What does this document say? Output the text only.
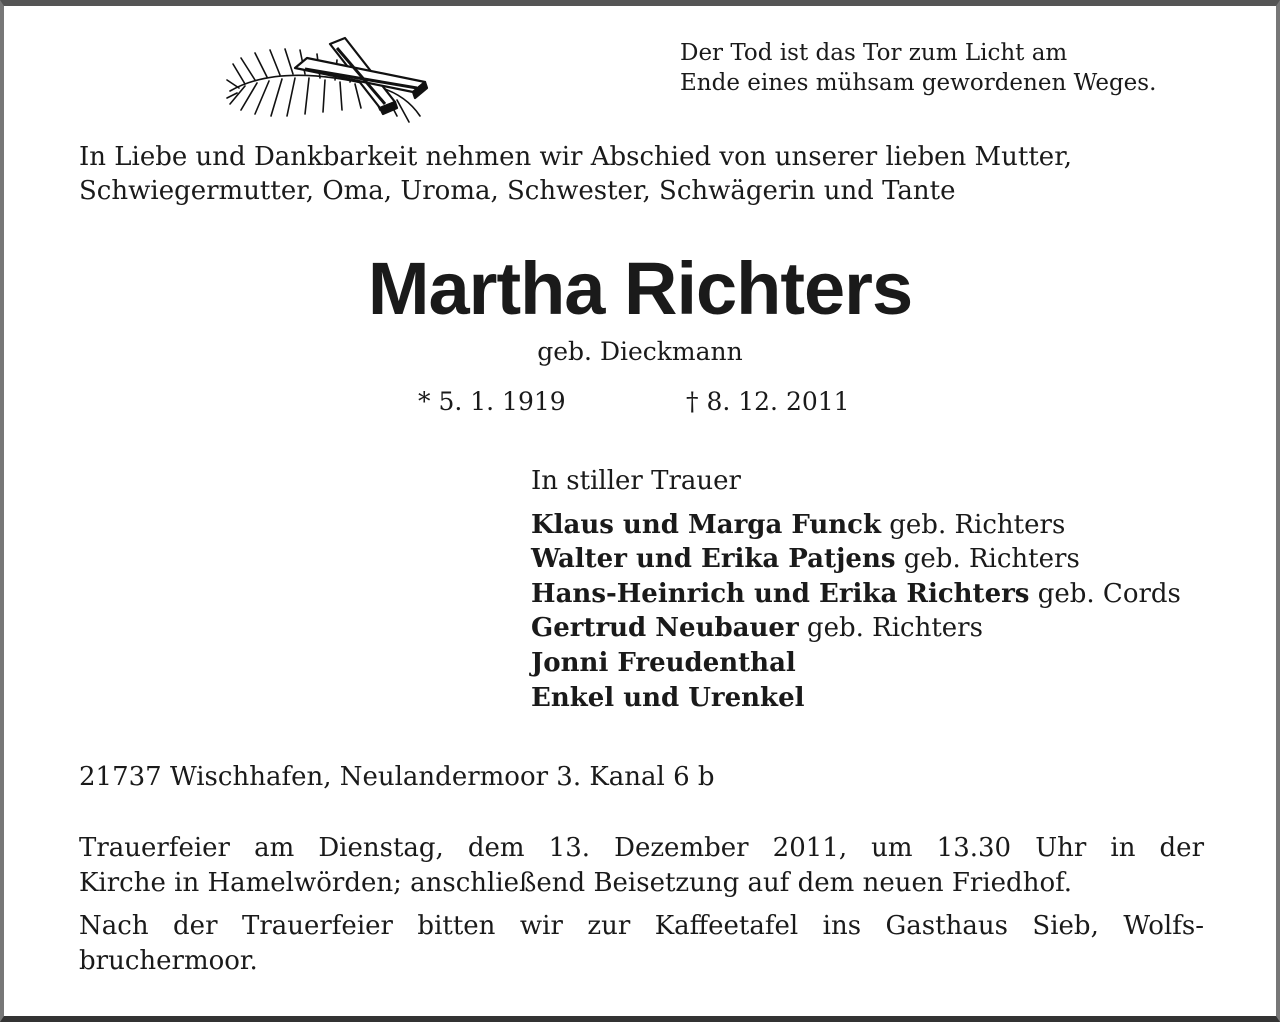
Der Tod ist das Tor zum Licht am
Ende eines mühsam gewordenen Weges.
In Liebe und Dankbarkeit nehmen wir Abschied von unserer lieben Mutter,
Schwiegermutter, Oma, Uroma, Schwester, Schwägerin und Tante
Martha Richters
geb. Dieckmann
* 5. 1. 1919	† 8. 12. 2011
In stiller Trauer
Klaus und Marga Funck geb. Richters
Walter und Erika Patjens geb. Richters
Hans-Heinrich und Erika Richters geb. Cords
Gertrud Neubauer geb. Richters
Jonni Freudenthal
Enkel und Urenkel
21737 Wischhafen, Neulandermoor 3. Kanal 6 b
Trauerfeier am Dienstag, dem 13. Dezember 2011, um 13.30 Uhr in der
Kirche in Hamelwörden; anschließend Beisetzung auf dem neuen Friedhof.
Nach der Trauerfeier bitten wir zur Kaffeetafel ins Gasthaus Sieb, Wolfs-
bruchermoor.
